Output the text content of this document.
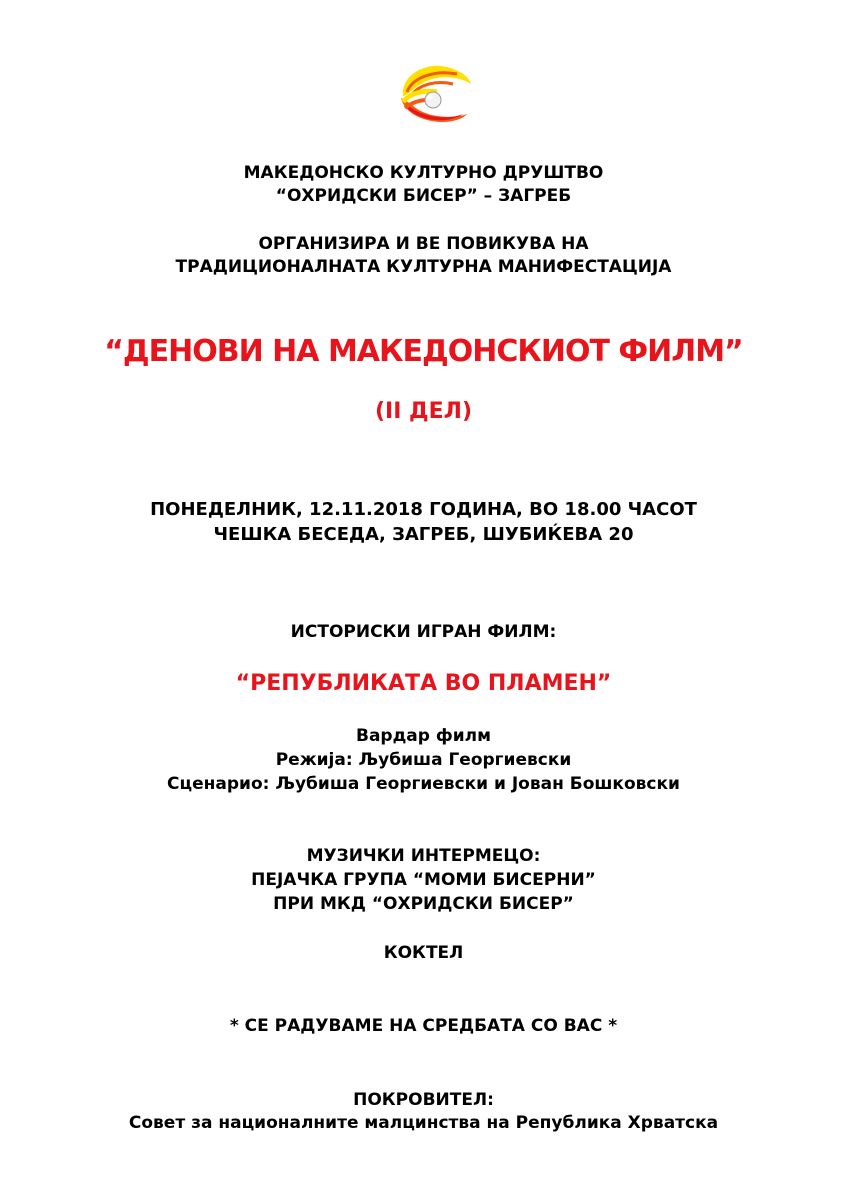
МАКЕДОНСКО КУЛТУРНО ДРУШТВО
“ОХРИДСКИ БИСЕР” – ЗАГРЕБ
ОРГАНИЗИРА И ВЕ ПОВИКУВА НА
ТРАДИЦИОНАЛНАТА КУЛТУРНА МАНИФЕСТАЦИЈА
“ДЕНОВИ НА МАКЕДОНСКИОТ ФИЛМ”
(II ДЕЛ)
ПОНЕДЕЛНИК, 12.11.2018 ГОДИНА, ВО 18.00 ЧАСОТ
ЧЕШКА БЕСЕДА, ЗАГРЕБ, ШУБИЌЕВА 20
ИСТОРИСКИ ИГРАН ФИЛМ:
“РЕПУБЛИКАТА ВО ПЛАМЕН”
Вардар филм
Режија: Љубиша Георгиевски
Сценарио: Љубиша Георгиевски и Јован Бошковски
МУЗИЧКИ ИНТЕРМЕЦО:
ПЕЈАЧКА ГРУПА “МОМИ БИСЕРНИ”
ПРИ МКД “ОХРИДСКИ БИСЕР”
КОКТЕЛ
* СЕ РАДУВАМЕ НА СРЕДБАТА СО ВАС *
ПОКРОВИТЕЛ:
Совет за националните малцинства на Република Хрватска
